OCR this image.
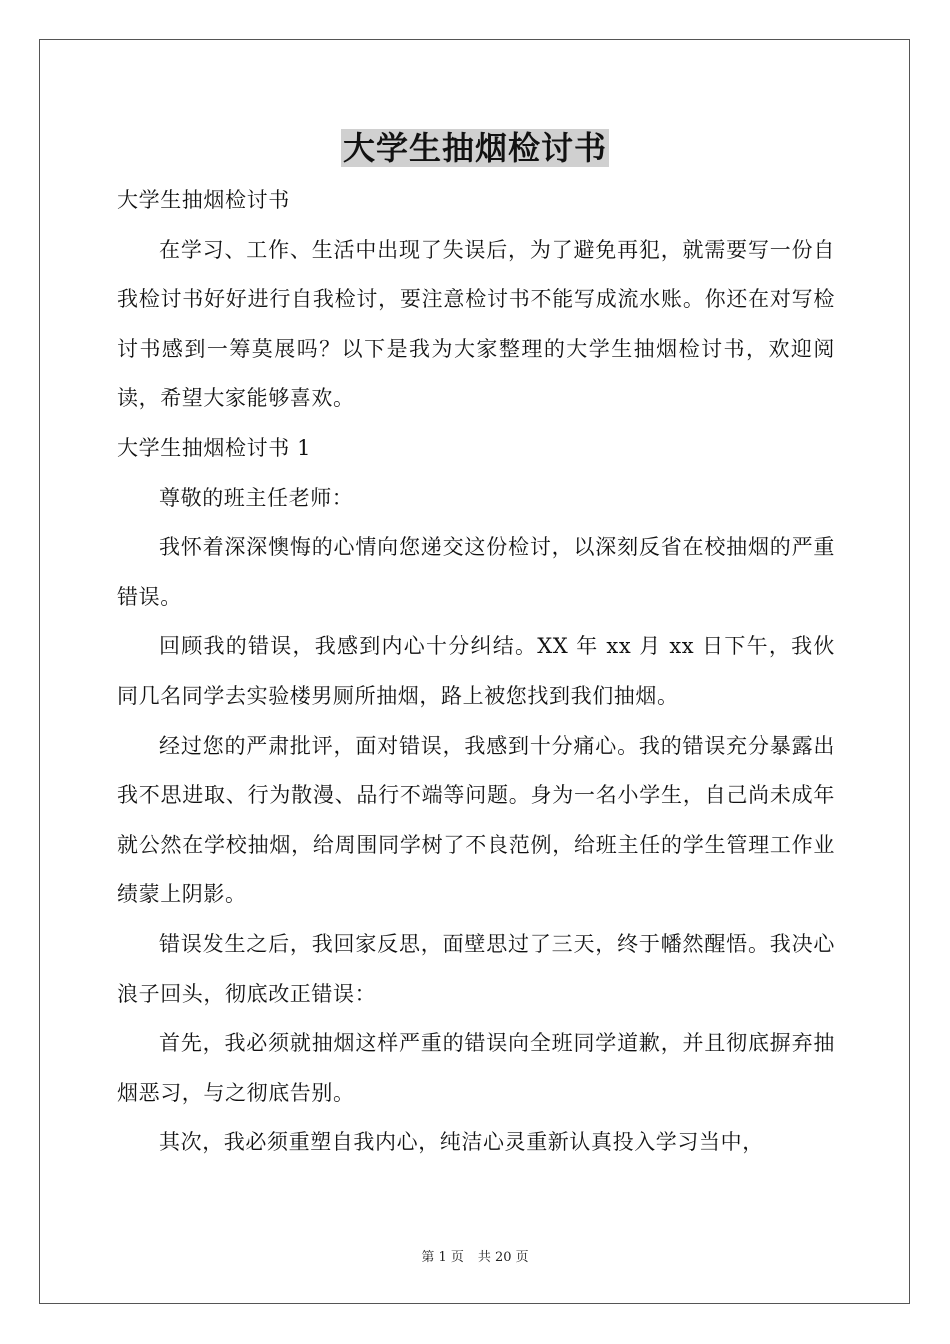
大学生抽烟检讨书

大学生抽烟检讨书

在学习、工作、生活中出现了失误后，为了避免再犯，就需要写一份自我检讨书好好进行自我检讨，要注意检讨书不能写成流水账。你还在对写检讨书感到一筹莫展吗？以下是我为大家整理的大学生抽烟检讨书，欢迎阅读，希望大家能够喜欢。

大学生抽烟检讨书 1

尊敬的班主任老师：

我怀着深深懊悔的心情向您递交这份检讨，以深刻反省在校抽烟的严重错误。

回顾我的错误，我感到内心十分纠结。XX 年 xx 月 xx 日下午，我伙同几名同学去实验楼男厕所抽烟，路上被您找到我们抽烟。

经过您的严肃批评，面对错误，我感到十分痛心。我的错误充分暴露出我不思进取、行为散漫、品行不端等问题。身为一名小学生，自己尚未成年就公然在学校抽烟，给周围同学树了不良范例，给班主任的学生管理工作业绩蒙上阴影。

错误发生之后，我回家反思，面壁思过了三天，终于幡然醒悟。我决心浪子回头，彻底改正错误：

首先，我必须就抽烟这样严重的错误向全班同学道歉，并且彻底摒弃抽烟恶习，与之彻底告别。

其次，我必须重塑自我内心，纯洁心灵重新认真投入学习当中，

第 1 页 共 20 页
